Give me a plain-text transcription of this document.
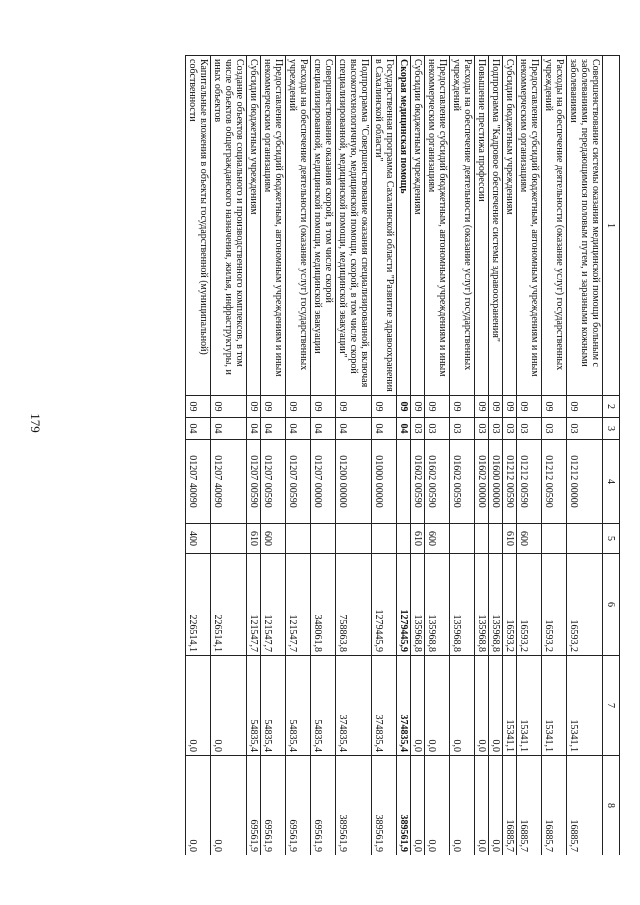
179
1	2	3	4	5	6	7	8
Совершенствование системы оказания медицинской помощи больным с заболеваниями, передающимися половым путем, и заразными кожными заболеваниями	09	03	01212 00000		16593,2	15341,1	16885,7
Расходы на обеспечение деятельности (оказание услуг) государственных учреждений	09	03	01212 00590		16593,2	15341,1	16885,7
Предоставление субсидий бюджетным, автономным учреждениям и иным некоммерческим организациям	09	03	01212 00590	600	16593,2	15341,1	16885,7
Субсидии бюджетным учреждениям	09	03	01212 00590	610	16593,2	15341,1	16885,7
Подпрограмма "Кадровое обеспечение системы здравоохранения"	09	03	01600 00000		135968,8	0,0	0,0
Повышение престижа профессии	09	03	01602 00000		135968,8	0,0	0,0
Расходы на обеспечение деятельности (оказание услуг) государственных учреждений	09	03	01602 00590		135968,8	0,0	0,0
Предоставление субсидий бюджетным, автономным учреждениям и иным некоммерческим организациям	09	03	01602 00590	600	135968,8	0,0	0,0
Субсидии бюджетным учреждениям	09	03	01602 00590	610	135968,8	0,0	0,0
Скорая медицинская помощь	09	04			1279445,9	374835,4	389561,9
Государственная программа Сахалинской области "Развитие здравоохранения в Сахалинской области"	09	04	01000 00000		1279445,9	374835,4	389561,9
Подпрограмма "Совершенствование оказания специализированной, включая высокотехнологичную, медицинской помощи, скорой, в том числе скорой специализированной, медицинской помощи, медицинской эвакуации"	09	04	01200 00000		758863,8	374835,4	389561,9
Совершенствование оказания скорой, в том числе скорой специализированной, медицинской помощи, медицинской эвакуации	09	04	01207 00000		348061,8	54835,4	69561,9
Расходы на обеспечение деятельности (оказание услуг) государственных учреждений	09	04	01207 00590		121547,7	54835,4	69561,9
Предоставление субсидий бюджетным, автономным учреждениям и иным некоммерческим организациям	09	04	01207 00590	600	121547,7	54835,4	69561,9
Субсидии бюджетным учреждениям	09	04	01207 00590	610	121547,7	54835,4	69561,9
Создание объектов социального и производственного комплексов, в том числе объектов общегражданского назначения, жилья, инфраструктуры, и иных объектов	09	04	01207 40090		226514,1	0,0	0,0
Капитальные вложения в объекты государственной (муниципальной) собственности	09	04	01207 40090	400	226514,1	0,0	0,0
